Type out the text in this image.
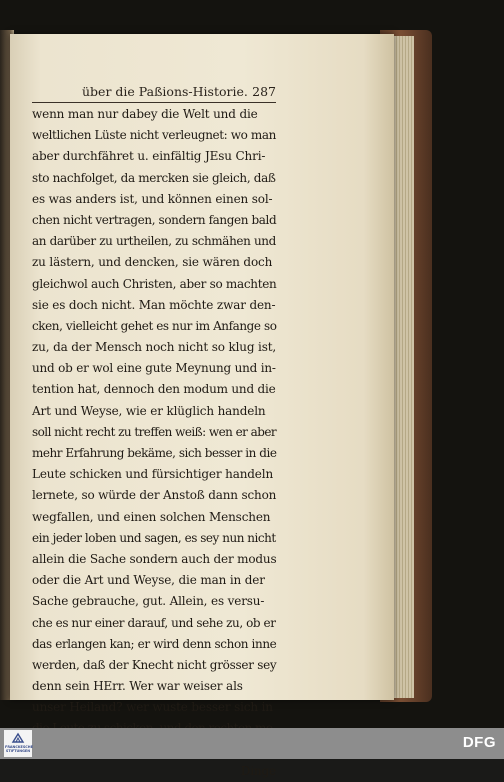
über die Paßions-Historie. 287
wenn man nur dabey die Welt und die
weltlichen Lüste nicht verleugnet: wo man
aber durchfähret u. einfältig JEsu Chri-
sto nachfolget, da mercken sie gleich, daß
es was anders ist, und können einen sol-
chen nicht vertragen, sondern fangen bald
an darüber zu urtheilen, zu schmähen und
zu lästern, und dencken, sie wären doch
gleichwol auch Christen, aber so machten
sie es doch nicht. Man möchte zwar den-
cken, vielleicht gehet es nur im Anfange so
zu, da der Mensch noch nicht so klug ist,
und ob er wol eine gute Meynung und in-
tention hat, dennoch den modum und die
Art und Weyse, wie er klüglich handeln
soll nicht recht zu treffen weiß: wen er aber
mehr Erfahrung bekäme, sich besser in die
Leute schicken und fürsichtiger handeln
lernete, so würde der Anstoß dann schon
wegfallen, und einen solchen Menschen
ein jeder loben und sagen, es sey nun nicht
allein die Sache sondern auch der modus
oder die Art und Weyse, die man in der
Sache gebrauche, gut. Allein, es versu-
che es nur einer darauf, und sehe zu, ob er
das erlangen kan; er wird denn schon inne
werden, daß der Knecht nicht grösser sey
denn sein HErr. Wer war weiser als
unser Heiland? wer wuste besser sich in
Dinge
FRANCKESCHE STIFTUNGEN	DFG
